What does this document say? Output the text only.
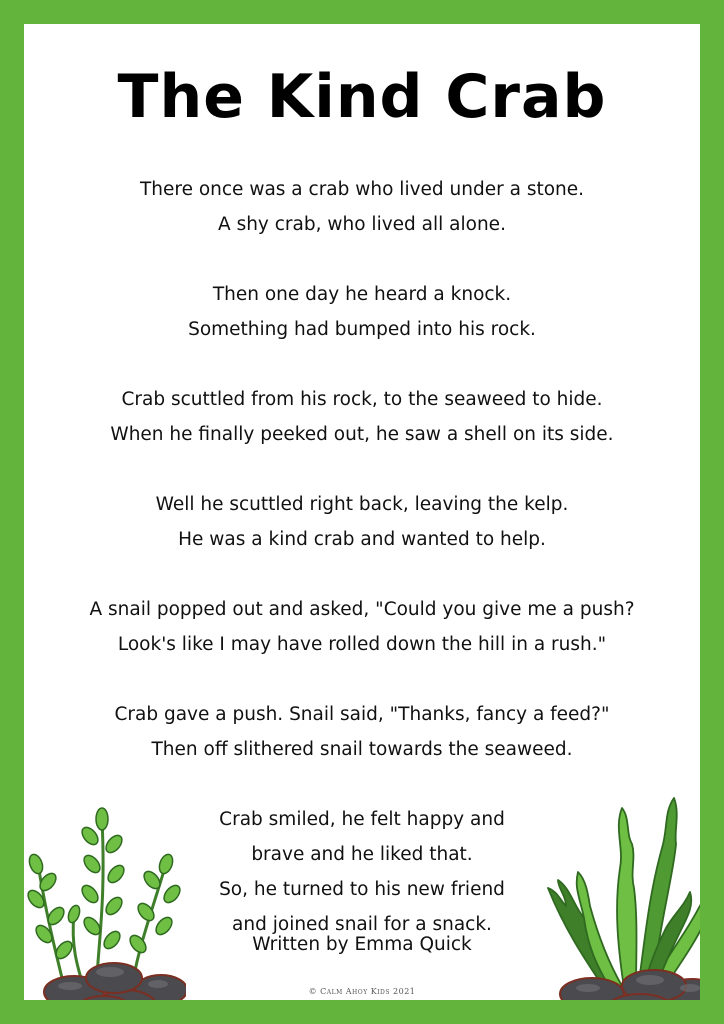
The Kind Crab

There once was a crab who lived under a stone.
A shy crab, who lived all alone.

Then one day he heard a knock.
Something had bumped into his rock.

Crab scuttled from his rock, to the seaweed to hide.
When he finally peeked out, he saw a shell on its side.

Well he scuttled right back, leaving the kelp.
He was a kind crab and wanted to help.

A snail popped out and asked, "Could you give me a push?
Look's like I may have rolled down the hill in a rush."

Crab gave a push. Snail said, "Thanks, fancy a feed?"
Then off slithered snail towards the seaweed.

Crab smiled, he felt happy and
brave and he liked that.
So, he turned to his new friend
and joined snail for a snack.

Written by Emma Quick
© Calm Ahoy Kids 2021
